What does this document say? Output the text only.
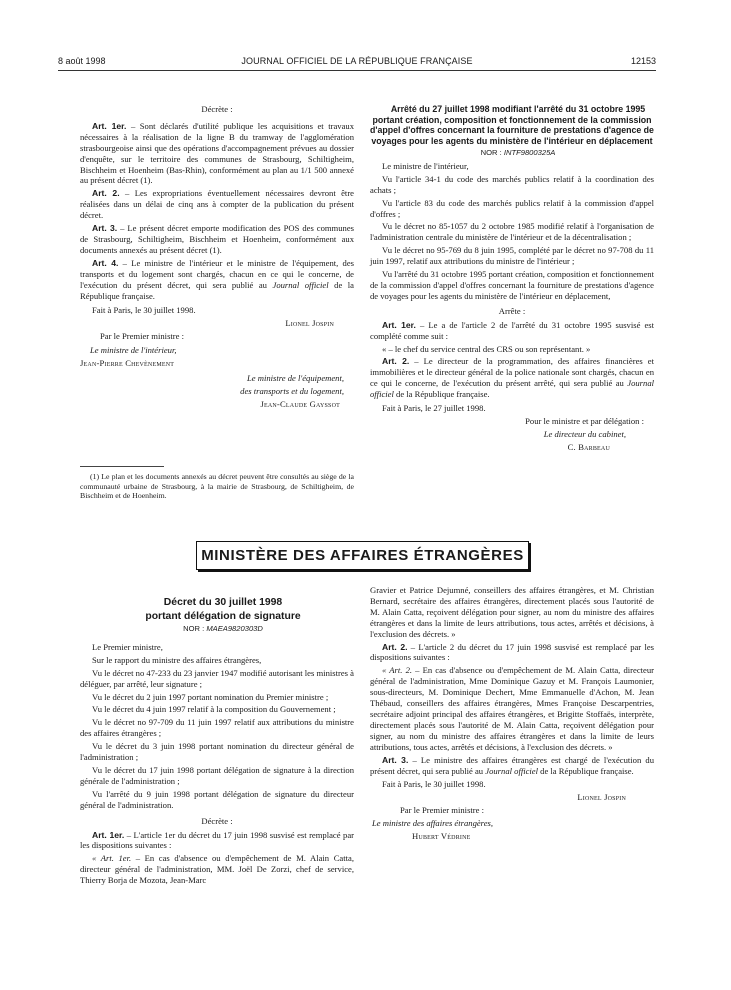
8 août 1998	JOURNAL OFFICIEL DE LA RÉPUBLIQUE FRANÇAISE	12153

Décrète :

Art. 1er. – Sont déclarés d'utilité publique les acquisitions et travaux nécessaires à la réalisation de la ligne B du tramway de l'agglomération strasbourgeoise ainsi que des opérations d'accompagnement prévues au dossier d'enquête, sur le territoire des communes de Strasbourg, Schiltigheim, Bischheim et Hoenheim (Bas-Rhin), conformément au plan au 1/1 500 annexé au présent décret (1).

Art. 2. – Les expropriations éventuellement nécessaires devront être réalisées dans un délai de cinq ans à compter de la publication du présent décret.

Art. 3. – Le présent décret emporte modification des POS des communes de Strasbourg, Schiltigheim, Bischheim et Hoenheim, conformément aux documents annexés au présent décret (1).

Art. 4. – Le ministre de l'intérieur et le ministre de l'équipement, des transports et du logement sont chargés, chacun en ce qui le concerne, de l'exécution du présent décret, qui sera publié au Journal officiel de la République française.

Fait à Paris, le 30 juillet 1998.

Lionel Jospin

Par le Premier ministre :

Le ministre de l'intérieur,

Jean-Pierre Chevènement

Le ministre de l'équipement,

des transports et du logement,

Jean-Claude Gayssot

(1) Le plan et les documents annexés au décret peuvent être consultés au siège de la communauté urbaine de Strasbourg, à la mairie de Strasbourg, de Schiltigheim, de Bischheim et de Hoenheim.

Arrêté du 27 juillet 1998 modifiant l'arrêté du 31 octobre 1995 portant création, composition et fonctionnement de la commission d'appel d'offres concernant la fourniture de prestations d'agence de voyages pour les agents du ministère de l'intérieur en déplacement

NOR : INTF9800325A

Le ministre de l'intérieur,

Vu l'article 34-1 du code des marchés publics relatif à la coordination des achats ;

Vu l'article 83 du code des marchés publics relatif à la commission d'appel d'offres ;

Vu le décret no 85-1057 du 2 octobre 1985 modifié relatif à l'organisation de l'administration centrale du ministère de l'intérieur et de la décentralisation ;

Vu le décret no 95-769 du 8 juin 1995, complété par le décret no 97-708 du 11 juin 1997, relatif aux attributions du ministre de l'intérieur ;

Vu l'arrêté du 31 octobre 1995 portant création, composition et fonctionnement de la commission d'appel d'offres concernant la fourniture de prestations d'agence de voyages pour les agents du ministère de l'intérieur en déplacement,

Arrête :

Art. 1er. – Le a de l'article 2 de l'arrêté du 31 octobre 1995 susvisé est complété comme suit :

« – le chef du service central des CRS ou son représentant. »

Art. 2. – Le directeur de la programmation, des affaires financières et immobilières et le directeur général de la police nationale sont chargés, chacun en ce qui le concerne, de l'exécution du présent arrêté, qui sera publié au Journal officiel de la République française.

Fait à Paris, le 27 juillet 1998.

Pour le ministre et par délégation :

Le directeur du cabinet,

C. Barbeau

MINISTÈRE DES AFFAIRES ÉTRANGÈRES

Décret du 30 juillet 1998

portant délégation de signature

NOR : MAEA9820303D

Le Premier ministre,

Sur le rapport du ministre des affaires étrangères,

Vu le décret no 47-233 du 23 janvier 1947 modifié autorisant les ministres à déléguer, par arrêté, leur signature ;

Vu le décret du 2 juin 1997 portant nomination du Premier ministre ;

Vu le décret du 4 juin 1997 relatif à la composition du Gouvernement ;

Vu le décret no 97-709 du 11 juin 1997 relatif aux attributions du ministre des affaires étrangères ;

Vu le décret du 3 juin 1998 portant nomination du directeur général de l'administration ;

Vu le décret du 17 juin 1998 portant délégation de signature à la direction générale de l'administration ;

Vu l'arrêté du 9 juin 1998 portant délégation de signature du directeur général de l'administration.

Décrète :

Art. 1er. – L'article 1er du décret du 17 juin 1998 susvisé est remplacé par les dispositions suivantes :

« Art. 1er. – En cas d'absence ou d'empêchement de M. Alain Catta, directeur général de l'administration, MM. Joël De Zorzi, chef de service, Thierry Borja de Mozota, Jean-Marc

Gravier et Patrice Dejumné, conseillers des affaires étrangères, et M. Christian Bernard, secrétaire des affaires étrangères, directement placés sous l'autorité de M. Alain Catta, reçoivent délégation pour signer, au nom du ministre des affaires étrangères et dans la limite de leurs attributions, tous actes, arrêtés et décisions, à l'exclusion des décrets. »

Art. 2. – L'article 2 du décret du 17 juin 1998 susvisé est remplacé par les dispositions suivantes :

« Art. 2. – En cas d'absence ou d'empêchement de M. Alain Catta, directeur général de l'administration, Mme Dominique Gazuy et M. François Laumonier, sous-directeurs, M. Dominique Dechert, Mme Emmanuelle d'Achon, M. Jean Thébaud, conseillers des affaires étrangères, Mmes Françoise Descarpentries, secrétaire adjoint principal des affaires étrangères, et Brigitte Stoffaës, interprète, directement placés sous l'autorité de M. Alain Catta, reçoivent délégation pour signer, au nom du ministre des affaires étrangères et dans la limite de leurs attributions, tous actes, arrêtés et décisions, à l'exclusion des décrets. »

Art. 3. – Le ministre des affaires étrangères est chargé de l'exécution du présent décret, qui sera publié au Journal officiel de la République française.

Fait à Paris, le 30 juillet 1998.

Lionel Jospin

Par le Premier ministre :

Le ministre des affaires étrangères,

Hubert Védrine
